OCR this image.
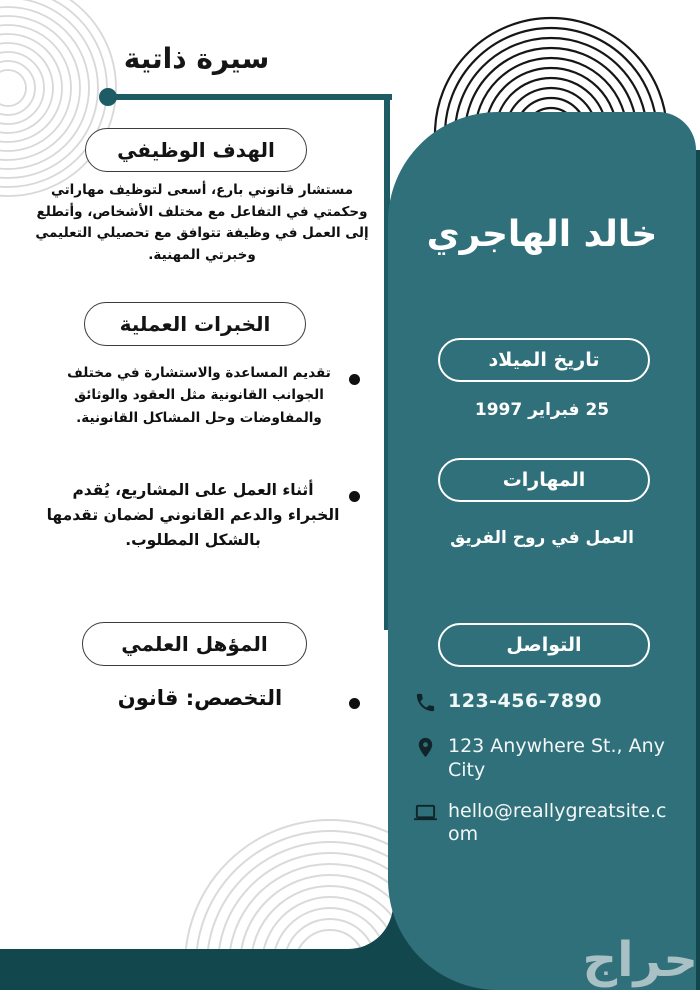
سيرة ذاتية
الهدف الوظيفي
مستشار قانوني بارع، أسعى لتوظيف مهاراتي وحكمتي في التفاعل مع مختلف الأشخاص، وأتطلع إلى العمل في وظيفة تتوافق مع تحصيلي التعليمي وخبرتي المهنية.
الخبرات العملية
تقديم المساعدة والاستشارة في مختلف الجوانب القانونية مثل العقود والوثائق والمفاوضات وحل المشاكل القانونية.
أثناء العمل على المشاريع، يُقدم الخبراء والدعم القانوني لضمان تقدمها بالشكل المطلوب.
المؤهل العلمي
التخصص: قانون
خالد الهاجري
تاريخ الميلاد
25 فبراير 1997
المهارات
العمل في روح الفريق
التواصل
123-456-7890
123 Anywhere St., Any City
hello@reallygreatsite.com
حراج
